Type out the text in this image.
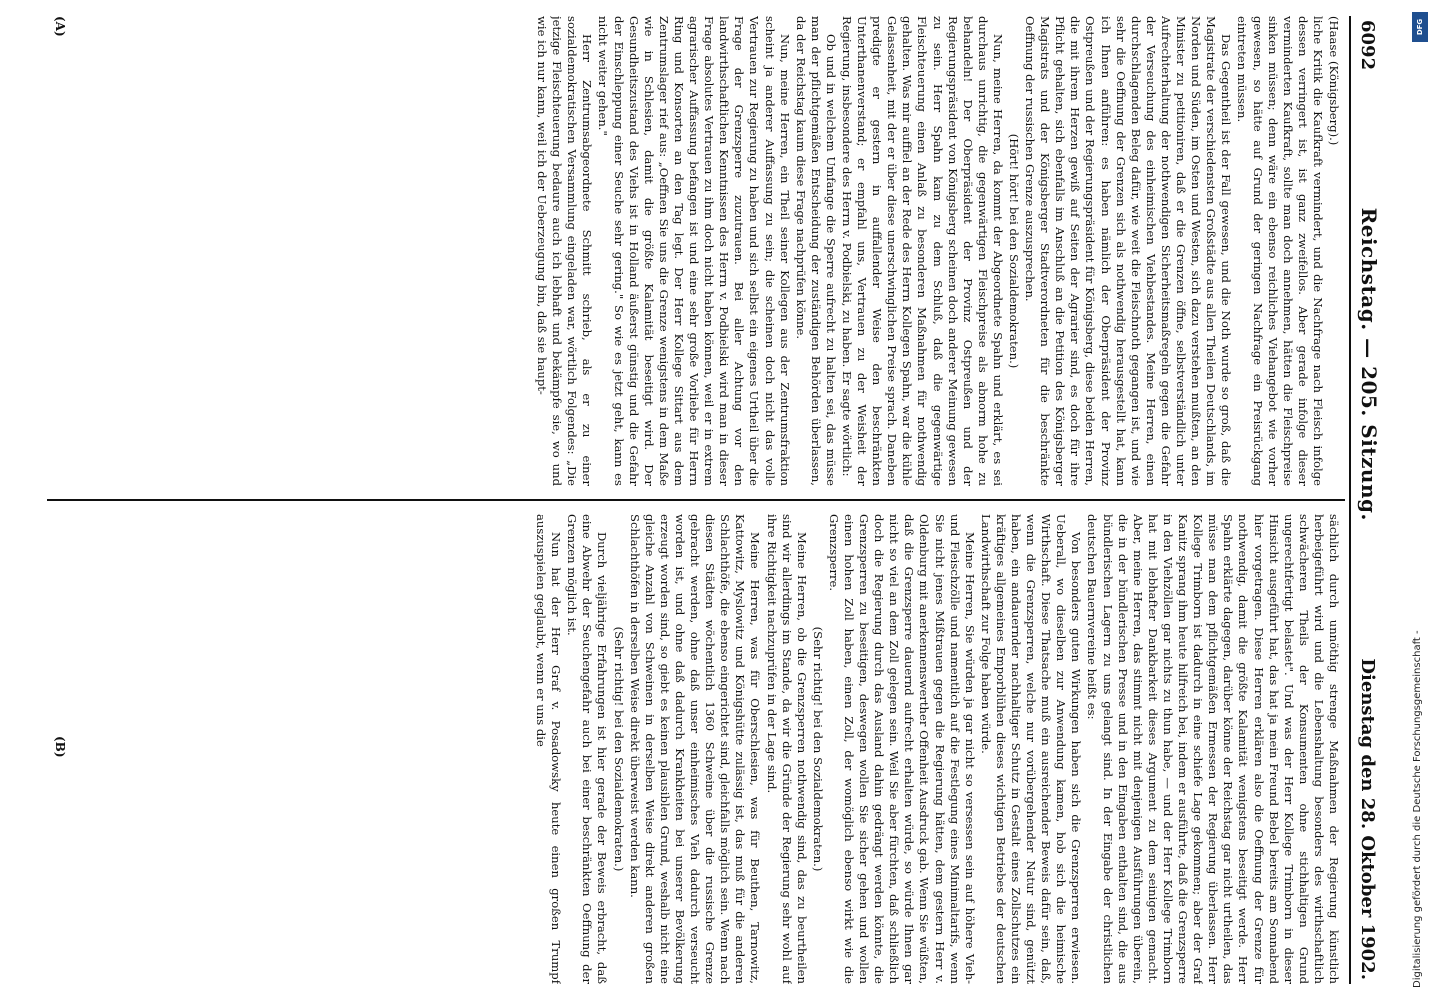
6092
Reichstag. — 205. Sitzung.
Dienstag den 28. Oktober 1902.

(Haase (Königsberg).)

liche Kritik die Kaufkraft vermindert, und die Nachfrage nach Fleisch infolge dessen verringert ist, ist ganz zweifellos. Aber gerade infolge dieser verminderten Kaufkraft, sollte man doch annehmen, hätten die Fleischpreise sinken müssen; denn wäre ein ebenso reichliches Viehangebot wie vorher gewesen, so hätte auf Grund der geringen Nachfrage ein Preisrückgang eintreten müssen.

Das Gegentheil ist der Fall gewesen, und die Noth wurde so groß, daß die Magistrate der verschiedensten Großstädte aus allen Theilen Deutschlands, im Norden und Süden, im Osten und Westen, sich dazu verstehen mußten, an den Minister zu petitioniren, daß er die Grenzen öffne, selbstverständlich unter Aufrechterhaltung der nothwendigen Sicherheitsmaßregeln gegen die Gefahr der Verseuchung des einheimischen Viehbestandes. Meine Herren, einen durchschlagenden Beleg dafür, wie weit die Fleischnoth gegangen ist, und wie sehr die Oeffnung der Grenzen sich als nothwendig herausgestellt hat, kann ich Ihnen anführen: es haben nämlich der Oberpräsident der Provinz Ostpreußen und der Regierungspräsident für Königsberg, diese beiden Herren, die mit ihrem Herzen gewiß auf Seiten der Agrarier sind, es doch für ihre Pflicht gehalten, sich ebenfalls im Anschluß an die Petition des Königsberger Magistrats und der Königsberger Stadtverordneten für die beschränkte Oeffnung der russischen Grenze auszusprechen.

(Hört! hört! bei den Sozialdemokraten.)

Nun, meine Herren, da kommt der Abgeordnete Spahn und erklärt, es sei durchaus unrichtig, die gegenwärtigen Fleischpreise als abnorm hohe zu behandeln! Der Oberpräsident der Provinz Ostpreußen und der Regierungspräsident von Königsberg scheinen doch anderer Meinung gewesen zu sein. Herr Spahn kam zu dem Schluß, daß die gegenwärtige Fleischteuerung einen Anlaß zu besonderen Maßnahmen für nothwendig gehalten. Was mir auffiel an der Rede des Herrn Kollegen Spahn, war die kühle Gelassenheit, mit der er über diese unerschwinglichen Preise sprach. Daneben predigte er gestern in auffallender Weise den beschränkten Unterthanenverstand; er empfahl uns, Vertrauen zu der Weisheit der Regierung, insbesondere des Herrn v. Podbielski, zu haben. Er sagte wörtlich:

Ob und in welchem Umfange die Sperre aufrecht zu halten sei, das müsse man der pflichtgemäßen Entscheidung der zuständigen Behörden überlassen, da der Reichstag kaum diese Frage nachprüfen könne.

Nun, meine Herren, ein Theil seiner Kollegen aus der Zentrumsfraktion scheint ja anderer Auffassung zu sein; die scheinen doch nicht das volle Vertrauen zur Regierung zu haben und sich selbst ein eigenes Urtheil über die Frage der Grenzsperre zuzutrauen. Bei aller Achtung vor den landwirthschaftlichen Kenntnissen des Herrn v. Podbielski wird man in dieser Frage absolutes Vertrauen zu ihm doch nicht haben können, weil er in extrem agrarischer Auffassung befangen ist und eine sehr große Vorliebe für Herrn Ring und Konsorten an den Tag legt. Der Herr Kollege Sittart aus dem Zentrumslager rief aus: „Oeffnen Sie uns die Grenze wenigstens in dem Maße wie in Schlesien, damit die größte Kalamität beseitigt wird. Der Gesundheitszustand des Viehs ist in Holland äußerst günstig und die Gefahr der Einschleppung einer Seuche sehr gering." So wie es jetzt geht, kann es nicht weiter gehen."

Herr Zentrumsabgeordnete Schmitt schrieb, als er zu einer sozialdemokratischen Versammlung eingeladen war, wörtlich Folgendes: „Die jetzige Fleischteuerung bedaure auch ich lebhaft und bekämpfe sie, wo und wie ich nur kann, weil ich der Ueberzeugung bin, daß sie haupt-

sächlich durch unnöthig strenge Maßnahmen der Regierung künstlich herbeigeführt wird und die Lebenshaltung besonders des wirthschaftlich schwächeren Theils der Konsumenten ohne stichhaltigen Grund ungerechtfertigt belastet". Und was der Herr Kollege Trimborn in dieser Hinsicht ausgeführt hat, das hat ja mein Freund Bebel bereits am Sonnabend hier vorgetragen. Diese Herren erklären also die Oeffnung der Grenze für nothwendig, damit die größte Kalamität wenigstens beseitigt werde. Herr Spahn erklärte dagegen, darüber könne der Reichstag gar nicht urtheilen, das müsse man dem pflichtgemäßen Ermessen der Regierung überlassen. Herr Kollege Trimborn ist dadurch in eine schiefe Lage gekommen; aber der Graf Kanitz sprang ihm heute hilfreich bei, indem er ausführte, daß die Grenzsperre in den Viehzöllen gar nichts zu thun habe, — und der Herr Kollege Trimborn hat mit lebhafter Dankbarkeit dieses Argument zu dem seinigen gemacht. Aber, meine Herren, das stimmt nicht mit denjenigen Ausführungen überein, die in der bündlerischen Presse und in den Eingaben enthalten sind, die aus bündlerischen Lagern zu uns gelangt sind. In der Eingabe der christlichen deutschen Bauernvereine heißt es:

Von besonders guten Wirkungen haben sich die Grenzsperren erwiesen. Ueberall, wo dieselben zur Anwendung kamen, hob sich die heimische Wirthschaft. Diese Thatsache muß ein ausreichender Beweis dafür sein, daß, wenn die Grenzsperren, welche nur vorübergehender Natur sind, genützt haben, ein andauernder nachhaltiger Schutz in Gestalt eines Zollschutzes ein kräftiges allgemeines Emporblühen dieses wichtigen Betriebes der deutschen Landwirthschaft zur Folge haben würde.

Meine Herren, Sie würden ja gar nicht so versessen sein auf höhere Vieh- und Fleischzölle und namentlich auf die Festlegung eines Minimaltarifs, wenn Sie nicht jenes Mißtrauen gegen die Regierung hätten, dem gestern Herr v. Oldenburg mit anerkennenswerther Offenheit Ausdruck gab. Wenn Sie wüßten, daß die Grenzsperre dauernd aufrecht erhalten würde, so würde Ihnen gar nicht so viel an dem Zoll gelegen sein. Weil Sie aber fürchten, daß schließlich doch die Regierung durch das Ausland dahin gedrängt werden könnte, die Grenzsperren zu beseitigen, deswegen wollen Sie sicher gehen und wollen einen hohen Zoll haben, einen Zoll, der womöglich ebenso wirkt wie die Grenzsperre.

(Sehr richtig! bei den Sozialdemokraten.)

Meine Herren, ob die Grenzsperren nothwendig sind, das zu beurtheilen sind wir allerdings im Stande, da wir die Gründe der Regierung sehr wohl auf ihre Richtigkeit nachzuprüfen in der Lage sind.

Meine Herren, was für Oberschlesien, was für Beuthen, Tarnowitz, Kattowitz, Myslowitz und Königshütte zulässig ist, das muß für die anderen Schlachthöfe, die ebenso eingerichtet sind, gleichfalls möglich sein. Wenn nach diesen Städten wöchentlich 1360 Schweine über die russische Grenze gebracht werden, ohne daß unser einheimisches Vieh dadurch verseucht worden ist, und ohne daß dadurch Krankheiten bei unserer Bevölkerung erzeugt worden sind, so giebt es keinen plausiblen Grund, weshalb nicht eine gleiche Anzahl von Schweinen in derselben Weise direkt anderen großen Schlachthöfen in derselben Weise direkt überweist werden kann.

(Sehr richtig! bei den Sozialdemokraten.)

Durch vieljährige Erfahrungen ist hier gerade der Beweis erbracht, daß eine Abwehr der Seuchengefahr auch bei einer beschränkten Oeffnung der Grenzen möglich ist.

Nun hat der Herr Graf v. Posadowsky heute einen großen Trumpf auszuspielen geglaubt, wenn er uns die

(A)
(B)
DFG
Digitalisierung gefördert durch die Deutsche Forschungsgemeinschaft -
